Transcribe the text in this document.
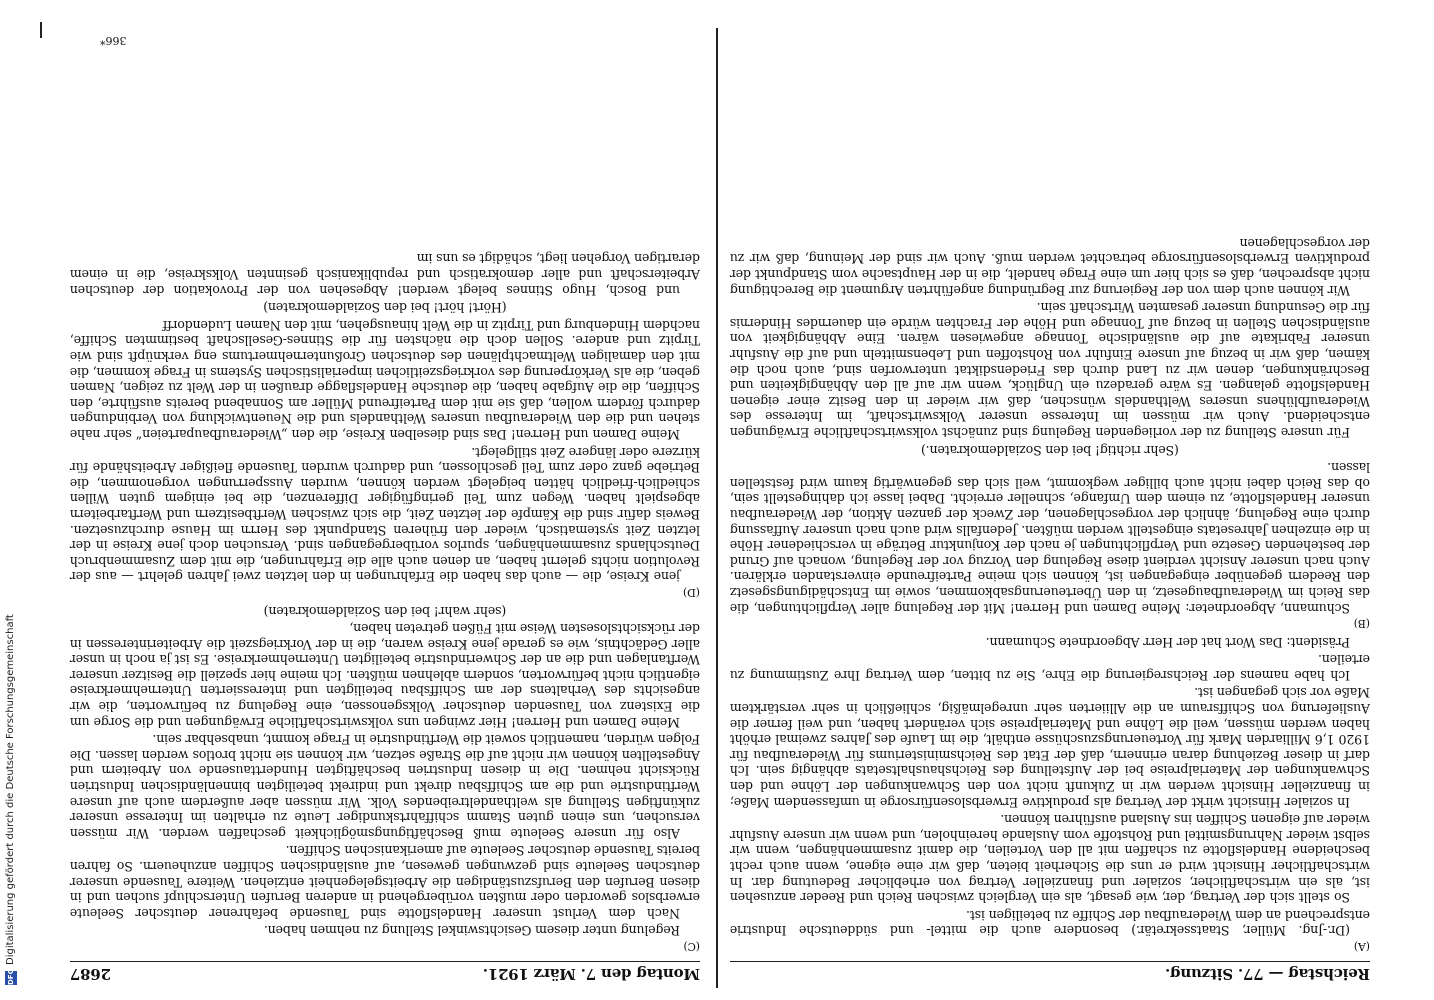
DFG
Digitalisierung gefördert durch die Deutsche Forschungsgemeinschaft
Montag den 7. März 1921.
2687
(C)

Regelung unter diesem Gesichtswinkel Stellung zu nehmen haben.

Nach dem Verlust unserer Handelsflotte sind Tausende befahrener deutscher Seeleute erwerbslos geworden oder mußten vorübergehend in anderen Berufen Unterschlupf suchen und in diesen Berufen den Berufszuständigen die Arbeitsgelegenheit entziehen. Weitere Tausende unserer deutschen Seeleute sind gezwungen gewesen, auf ausländischen Schiffen anzuheuern. So fahren bereits Tausende deutscher Seeleute auf amerikanischen Schiffen.

Also für unsere Seeleute muß Beschäftigungsmöglichkeit geschaffen werden. Wir müssen versuchen, uns einen guten Stamm schiffahrtskundiger Leute zu erhalten im Interesse unserer zukünftigen Stellung als welthandeltreibendes Volk. Wir müssen aber außerdem auch auf unsere Werftindustrie und die am Schiffsbau direkt und indirekt beteiligten binnenländischen Industrien Rücksicht nehmen. Die in diesen Industrien beschäftigten Hunderttausende von Arbeitern und Angestellten können wir nicht auf die Straße setzen, wir können sie nicht brotlos werden lassen. Die Folgen würden, namentlich soweit die Werftindustrie in Frage kommt, unabsehbar sein.

Meine Damen und Herren! Hier zwingen uns volkswirtschaftliche Erwägungen und die Sorge um die Existenz von Tausenden deutscher Volksgenossen, eine Regelung zu befürworten, die wir angesichts des Verhaltens der am Schiffsbau beteiligten und interessierten Unternehmerkreise eigentlich nicht befürworten, sondern ablehnen müßten. Ich meine hier speziell die Besitzer unserer Werftanlagen und die an der Schwerindustrie beteiligten Unternehmerkreise. Es ist ja noch in unser aller Gedächtnis, wie es gerade jene Kreise waren, die in der Vorkriegszeit die Arbeiterinteressen in der rücksichtslosesten Weise mit Füßen getreten haben,

(sehr wahr! bei den Sozialdemokraten)

(D)

jene Kreise, die — auch das haben die Erfahrungen in den letzten zwei Jahren gelehrt — aus der Revolution nichts gelernt haben, an denen auch alle die Erfahrungen, die mit dem Zusammenbruch Deutschlands zusammenhängen, spurlos vorübergegangen sind. Versuchen doch jene Kreise in der letzten Zeit systematisch, wieder den früheren Standpunkt des Herrn im Hause durchzusetzen. Beweis dafür sind die Kämpfe der letzten Zeit, die sich zwischen Werftbesitzern und Werftarbeitern abgespielt haben. Wegen zum Teil geringfügiger Differenzen, die bei einigem guten Willen schiedlich-friedlich hätten beigelegt werden können, wurden Aussperrungen vorgenommen, die Betriebe ganz oder zum Teil geschlossen, und dadurch wurden Tausende fleißiger Arbeitshände für kürzere oder längere Zeit stillgelegt.

Meine Damen und Herren! Das sind dieselben Kreise, die den „Wiederaufbauparteien“ sehr nahe stehen und die den Wiederaufbau unseres Welthandels und die Neuentwicklung von Verbindungen dadurch fördern wollen, daß sie mit dem Parteifreund Müller am Sonnabend bereits ausführte, den Schiffen, die die Aufgabe haben, die deutsche Handelsflagge draußen in der Welt zu zeigen, Namen geben, die als Verkörperung des vorkriegszeitlichen imperialistischen Systems in Frage kommen, die mit den damaligen Weltmachtplänen des deutschen Großunternehmertums eng verknüpft sind wie Tirpitz und andere. Sollen doch die nächsten für die Stinnes-Gesellschaft bestimmten Schiffe, nachdem Hindenburg und Tirpitz in die Welt hinausgehen, mit den Namen Ludendorff

(Hört! hört! bei den Sozialdemokraten)

und Bosch, Hugo Stinnes belegt werden! Abgesehen von der Provokation der deutschen Arbeiterschaft und aller demokratisch und republikanisch gesinnten Volkskreise, die in einem derartigen Vorgehen liegt, schädigt es uns im

366*
Reichstag — 77. Sitzung.
(A)

(Dr.-Jng. Müller, Staatssekretär.) besondere auch die mittel- und süddeutsche Industrie entsprechend an dem Wiederaufbau der Schiffe zu beteiligen ist.

So stellt sich der Vertrag, der, wie gesagt, als ein Vergleich zwischen Reich und Reeder anzusehen ist, als ein wirtschaftlicher, sozialer und finanzieller Vertrag von erheblicher Bedeutung dar. In wirtschaftlicher Hinsicht wird er uns die Sicherheit bieten, daß wir eine eigene, wenn auch recht bescheidene Handelsflotte zu schaffen mit all den Vorteilen, die damit zusammenhängen, wenn wir selbst wieder Nahrungsmittel und Rohstoffe vom Auslande hereinholen, und wenn wir unsere Ausfuhr wieder auf eigenen Schiffen ins Ausland ausführen können.

In sozialer Hinsicht wirkt der Vertrag als produktive Erwerbslosenfürsorge in umfassendem Maße; in finanzieller Hinsicht werden wir in Zukunft nicht von den Schwankungen der Löhne und den Schwankungen der Materialpreise bei der Aufstellung des Reichshaushaltsetats abhängig sein. Ich darf in dieser Beziehung daran erinnern, daß der Etat des Reichsministeriums für Wiederaufbau für 1920 1,6 Milliarden Mark für Vorteuerungszuschüsse enthält, die im Laufe des Jahres zweimal erhöht haben werden müssen, weil die Löhne und Materialpreise sich verändert haben, und weil ferner die Auslieferung von Schiffsraum an die Alliierten sehr unregelmäßig, schließlich in sehr verstärktem Maße vor sich gegangen ist.

Ich habe namens der Reichsregierung die Ehre, Sie zu bitten, dem Vertrag Ihre Zustimmung zu erteilen.

Präsident: Das Wort hat der Herr Abgeordnete Schumann.

(B)

Schumann, Abgeordneter: Meine Damen und Herren! Mit der Regelung aller Verpflichtungen, die das Reich im Wiederaufbaugesetz, in den Überteuerungsabkommen, sowie im Entschädigungsgesetz den Reedern gegenüber eingegangen ist, können sich meine Parteifreunde einverstanden erklären. Auch nach unserer Ansicht verdient diese Regelung den Vorzug vor der Regelung, wonach auf Grund der bestehenden Gesetze und Verpflichtungen je nach der Konjunktur Beträge in verschiedener Höhe in die einzelnen Jahresetats eingestellt werden müßten. Jedenfalls wird auch nach unserer Auffassung durch eine Regelung, ähnlich der vorgeschlagenen, der Zweck der ganzen Aktion, der Wiederaufbau unserer Handelsflotte, zu einem dem Umfange, schneller erreicht. Dabei lasse ich dahingestellt sein, ob das Reich dabei nicht auch billiger wegkommt, weil sich das gegenwärtig kaum wird feststellen lassen.

(Sehr richtig! bei den Sozialdemokraten.)

Für unsere Stellung zu der vorliegenden Regelung sind zunächst volkswirtschaftliche Erwägungen entscheidend. Auch wir müssen im Interesse unserer Volkswirtschaft, im Interesse des Wiederaufblühens unseres Welthandels wünschen, daß wir wieder in den Besitz einer eigenen Handelsflotte gelangen. Es wäre geradezu ein Unglück, wenn wir auf all den Abhängigkeiten und Beschränkungen, denen wir zu Land durch das Friedensdiktat unterworfen sind, auch noch die kämen, daß wir in bezug auf unsere Einfuhr von Rohstoffen und Lebensmitteln und auf die Ausfuhr unserer Fabrikate auf die ausländische Tonnage angewiesen wären. Eine Abhängigkeit von ausländischen Stellen in bezug auf Tonnage und Höhe der Frachten würde ein dauerndes Hindernis für die Gesundung unserer gesamten Wirtschaft sein.

Wir können auch dem von der Regierung zur Begründung angeführten Argument die Berechtigung nicht absprechen, daß es sich hier um eine Frage handelt, die in der Hauptsache vom Standpunkt der produktiven Erwerbslosenfürsorge betrachtet werden muß. Auch wir sind der Meinung, daß wir zu der vorgeschlagenen
